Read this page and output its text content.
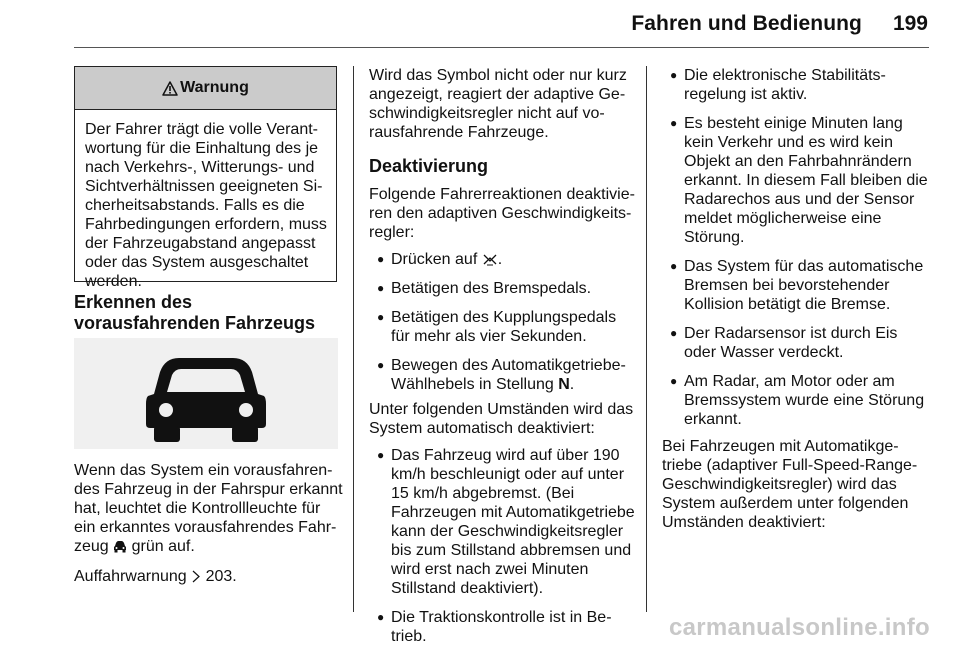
Fahren und Bedienung	199
Warnung
Der Fahrer trägt die volle Verantwortung für die Einhaltung des je nach Verkehrs-, Witterungs- und Sichtverhältnissen geeigneten Sicherheitsabstands. Falls es die Fahrbedingungen erfordern, muss der Fahrzeugabstand angepasst oder das System ausgeschaltet werden.
Erkennen des vorausfahrenden Fahrzeugs

Wenn das System ein vorausfahrendes Fahrzeug in der Fahrspur erkannt hat, leuchtet die Kontrollleuchte für ein erkanntes vorausfahrendes Fahrzeug grün auf.

Auffahrwarnung 203.

Wird das Symbol nicht oder nur kurz angezeigt, reagiert der adaptive Geschwindigkeitsregler nicht auf vorausfahrende Fahrzeuge.

Deaktivierung

Folgende Fahrerreaktionen deaktivieren den adaptiven Geschwindigkeitsregler:

● Drücken auf .
● Betätigen des Bremspedals.
● Betätigen des Kupplungspedals für mehr als vier Sekunden.
● Bewegen des Automatikgetriebe-Wählhebels in Stellung N.

Unter folgenden Umständen wird das System automatisch deaktiviert:

● Das Fahrzeug wird auf über 190 km/h beschleunigt oder auf unter 15 km/h abgebremst. (Bei Fahrzeugen mit Automatikgetriebe kann der Geschwindigkeitsregler bis zum Stillstand abbremsen und wird erst nach zwei Minuten Stillstand deaktiviert).
● Die Traktionskontrolle ist in Betrieb.
● Die elektronische Stabilitätsregelung ist aktiv.
● Es besteht einige Minuten lang kein Verkehr und es wird kein Objekt an den Fahrbahnrändern erkannt. In diesem Fall bleiben die Radarechos aus und der Sensor meldet möglicherweise eine Störung.
● Das System für das automatische Bremsen bei bevorstehender Kollision betätigt die Bremse.
● Der Radarsensor ist durch Eis oder Wasser verdeckt.
● Am Radar, am Motor oder am Bremssystem wurde eine Störung erkannt.

Bei Fahrzeugen mit Automatikgetriebe (adaptiver Full-Speed-Range-Geschwindigkeitsregler) wird das System außerdem unter folgenden Umständen deaktiviert:

carmanualsonline.info
